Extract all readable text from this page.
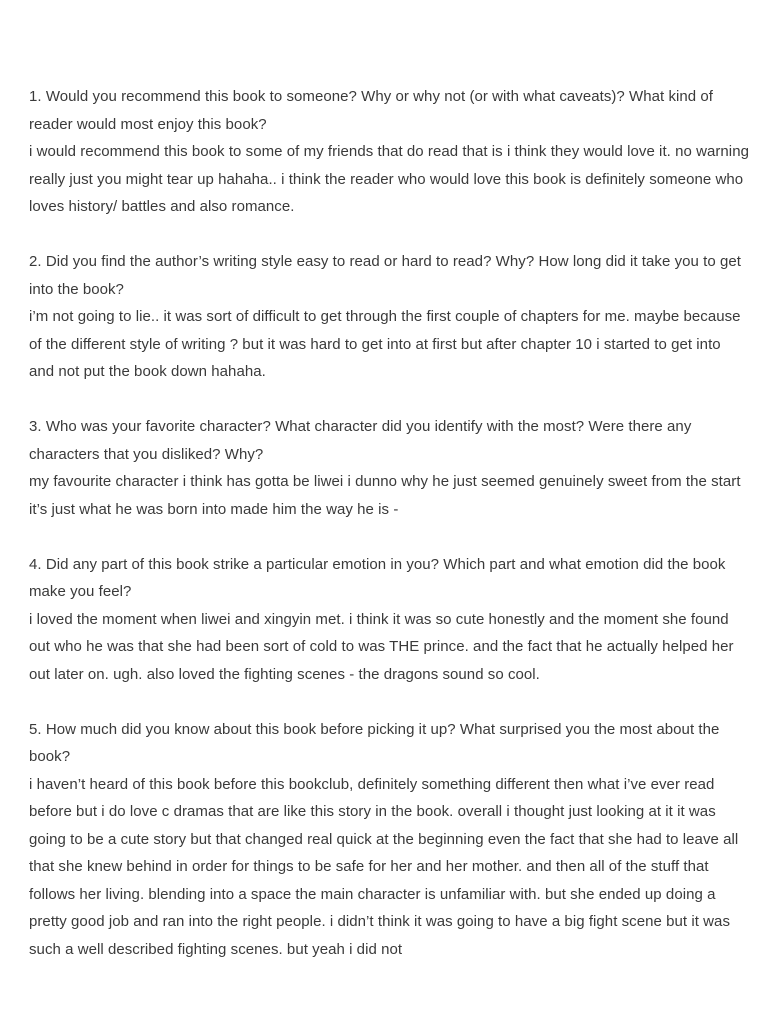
1. Would you recommend this book to someone? Why or why not (or with what caveats)? What kind of reader would most enjoy this book?

i would recommend this book to some of my friends that do read that is i think they would love it. no warning really just you might tear up hahaha.. i think the reader who would love this book is definitely someone who loves history/ battles and also romance.

2. Did you find the author’s writing style easy to read or hard to read? Why? How long did it take you to get into the book?

i’m not going to lie.. it was sort of difficult to get through the first couple of chapters for me. maybe because of the different style of writing ? but it was hard to get into at first but after chapter 10 i started to get into and not put the book down hahaha.

3. Who was your favorite character? What character did you identify with the most? Were there any characters that you disliked? Why?

my favourite character i think has gotta be liwei i dunno why he just seemed genuinely sweet from the start it’s just what he was born into made him the way he is -

4. Did any part of this book strike a particular emotion in you? Which part and what emotion did the book make you feel?

i loved the moment when liwei and xingyin met. i think it was so cute honestly and the moment she found out who he was that she had been sort of cold to was THE prince. and the fact that he actually helped her out later on. ugh. also loved the fighting scenes - the dragons sound so cool.

5. How much did you know about this book before picking it up? What surprised you the most about the book?

i haven’t heard of this book before this bookclub, definitely something different then what i’ve ever read before but i do love c dramas that are like this story in the book. overall i thought just looking at it it was going to be a cute story but that changed real quick at the beginning even the fact that she had to leave all that she knew behind in order for things to be safe for her and her mother. and then all of the stuff that follows her living. blending into a space the main character is unfamiliar with. but she ended up doing a pretty good job and ran into the right people. i didn’t think it was going to have a big fight scene but it was such a well described fighting scenes. but yeah i did not
